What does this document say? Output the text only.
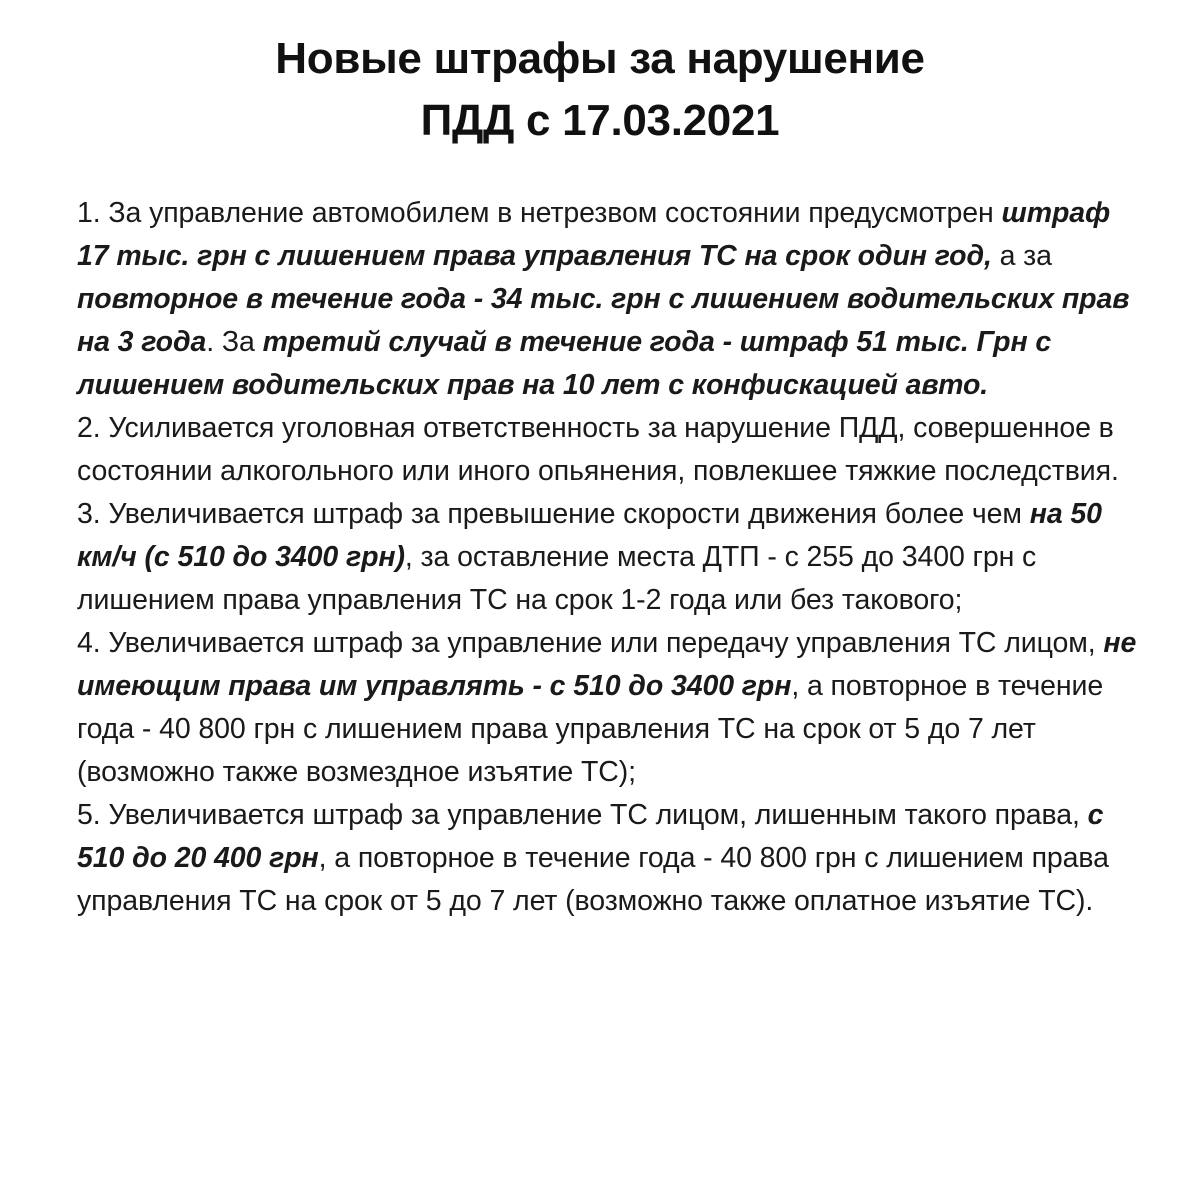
Новые штрафы за нарушение
ПДД с 17.03.2021

1. За управление автомобилем в нетрезвом состоянии предусмотрен штраф 17 тыс. грн с лишением права управления ТС на срок один год, а за повторное в течение года - 34 тыс. грн с лишением водительских прав на 3 года. За третий случай в течение года - штраф 51 тыс. Грн с лишением водительских прав на 10 лет с конфискацией авто.

2. Усиливается уголовная ответственность за нарушение ПДД, совершенное в состоянии алкогольного или иного опьянения, повлекшее тяжкие последствия.

3. Увеличивается штраф за превышение скорости движения более чем на 50 км/ч (с 510 до 3400 грн), за оставление места ДТП - с 255 до 3400 грн с лишением права управления ТС на срок 1-2 года или без такового;

4. Увеличивается штраф за управление или передачу управления ТС лицом, не имеющим права им управлять - с 510 до 3400 грн, а повторное в течение года - 40 800 грн с лишением права управления ТС на срок от 5 до 7 лет (возможно также возмездное изъятие ТС);

5. Увеличивается штраф за управление ТС лицом, лишенным такого права, с 510 до 20 400 грн, а повторное в течение года - 40 800 грн с лишением права управления ТС на срок от 5 до 7 лет (возможно также оплатное изъятие ТС).
